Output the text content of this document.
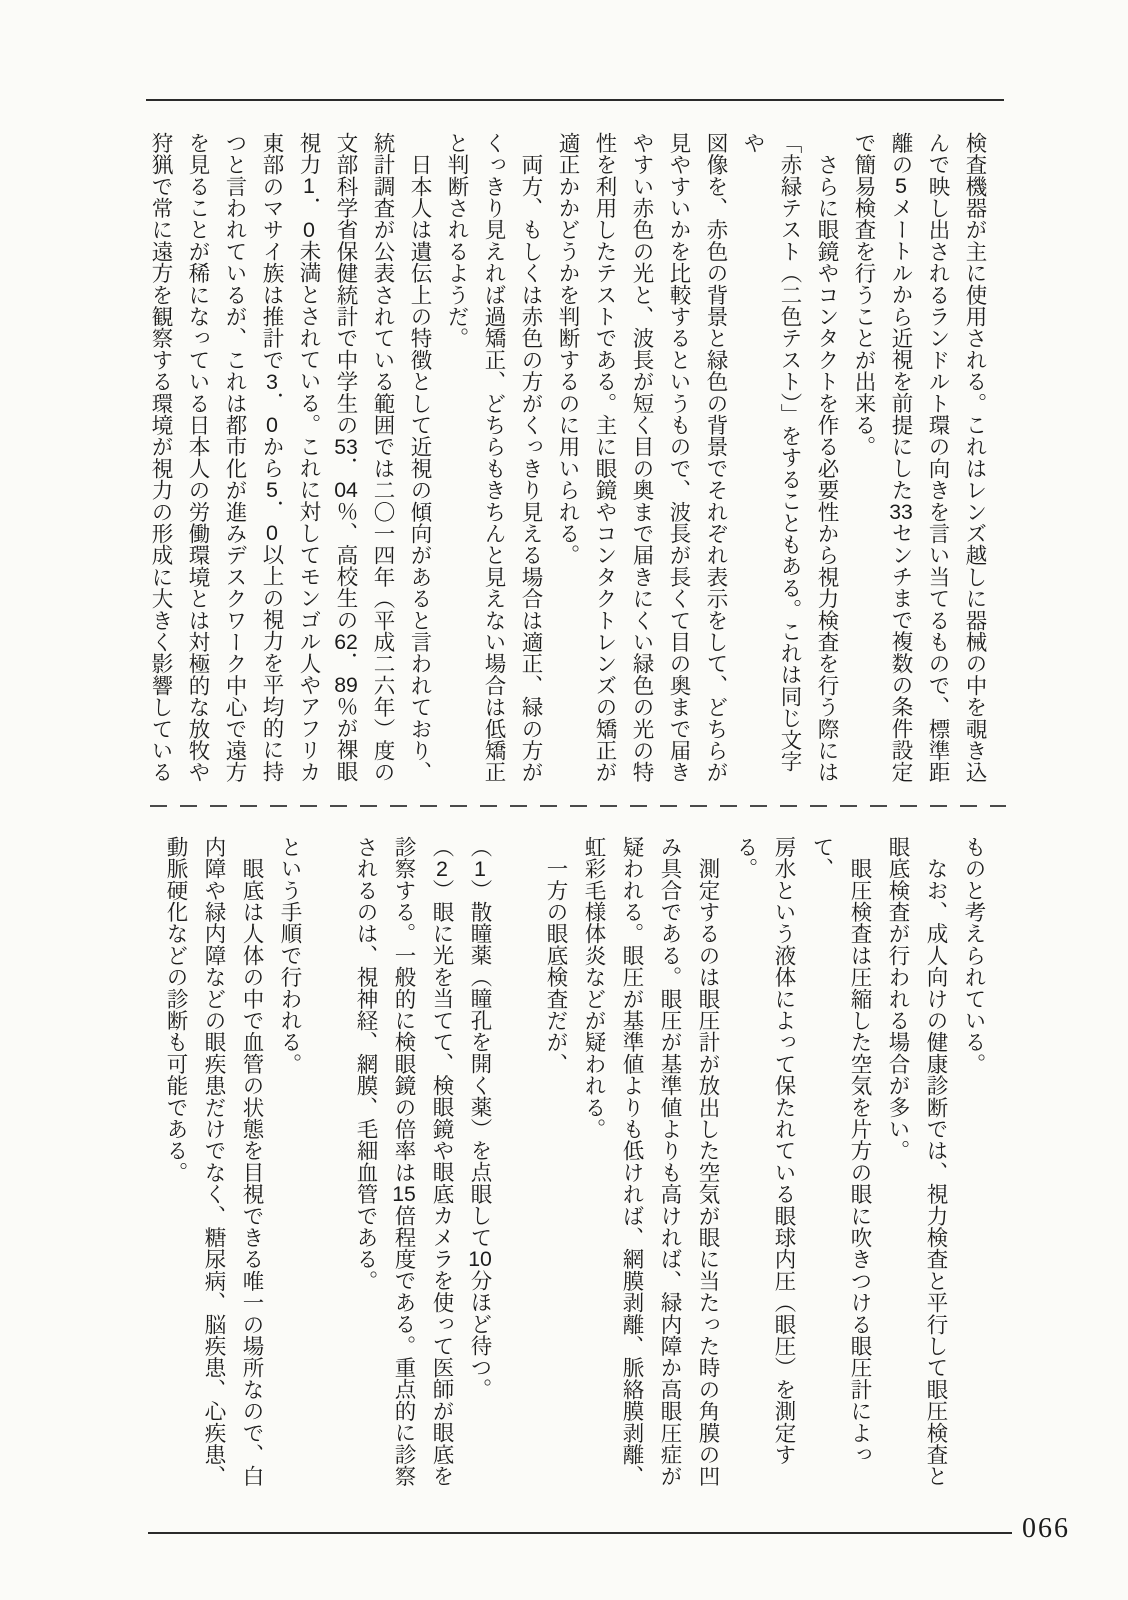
検査機器が主に使用される。これはレンズ越しに器械の中を覗き込

んで映し出されるランドルト環の向きを言い当てるもので、標準距

離の5メートルから近視を前提にした33センチまで複数の条件設定

で簡易検査を行うことが出来る。

　さらに眼鏡やコンタクトを作る必要性から視力検査を行う際には

「赤緑テスト（二色テスト）」をすることもある。これは同じ文字や

図像を、赤色の背景と緑色の背景でそれぞれ表示をして、どちらが

見やすいかを比較するというもので、波長が長くて目の奥まで届き

やすい赤色の光と、波長が短く目の奥まで届きにくい緑色の光の特

性を利用したテストである。主に眼鏡やコンタクトレンズの矯正が

適正かかどうかを判断するのに用いられる。

　両方、もしくは赤色の方がくっきり見える場合は適正、緑の方が

くっきり見えれば過矯正、どちらもきちんと見えない場合は低矯正

と判断されるようだ。

　日本人は遺伝上の特徴として近視の傾向があると言われており、

統計調査が公表されている範囲では二〇一四年（平成二六年）度の

文部科学省保健統計で中学生の53．04％、高校生の62．89％が裸眼

視力1．0未満とされている。これに対してモンゴル人やアフリカ

東部のマサイ族は推計で3．0から5．0以上の視力を平均的に持

つと言われているが、これは都市化が進みデスクワーク中心で遠方

を見ることが稀になっている日本人の労働環境とは対極的な放牧や

狩猟で常に遠方を観察する環境が視力の形成に大きく影響している

ものと考えられている。

　なお、成人向けの健康診断では、視力検査と平行して眼圧検査と

眼底検査が行われる場合が多い。

　眼圧検査は圧縮した空気を片方の眼に吹きつける眼圧計によって、

房水という液体によって保たれている眼球内圧（眼圧）を測定する。

　測定するのは眼圧計が放出した空気が眼に当たった時の角膜の凹

み具合である。眼圧が基準値よりも高ければ、緑内障か高眼圧症が

疑われる。眼圧が基準値よりも低ければ、網膜剥離、脈絡膜剥離、

虹彩毛様体炎などが疑われる。

　一方の眼底検査だが、

（1）散瞳薬（瞳孔を開く薬）を点眼して10分ほど待つ。

（2）眼に光を当てて、検眼鏡や眼底カメラを使って医師が眼底を

診察する。一般的に検眼鏡の倍率は15倍程度である。重点的に診察

されるのは、視神経、網膜、毛細血管である。

という手順で行われる。

　眼底は人体の中で血管の状態を目視できる唯一の場所なので、白

内障や緑内障などの眼疾患だけでなく、糖尿病、脳疾患、心疾患、

動脈硬化などの診断も可能である。

066
